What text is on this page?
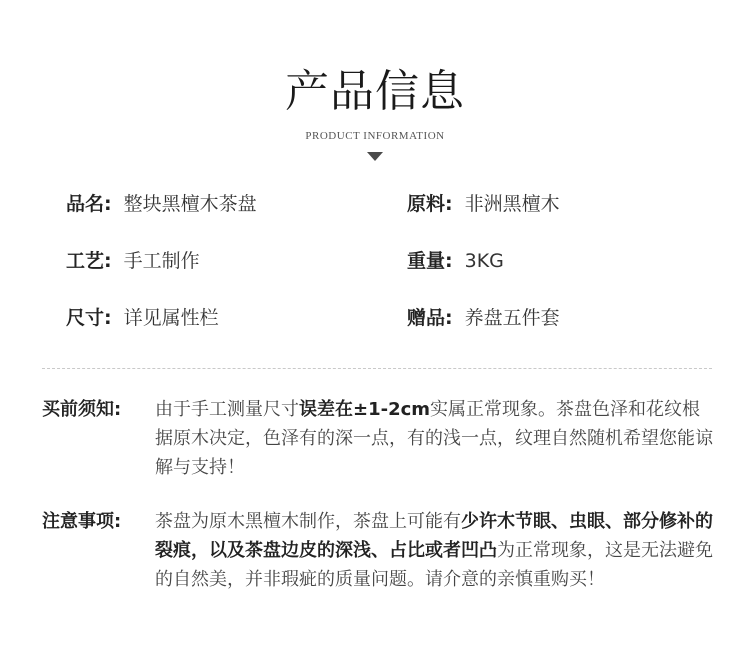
产品信息
PRODUCT INFORMATION
品名: 整块黑檀木茶盘	原料: 非洲黑檀木
工艺: 手工制作	重量: 3KG
尺寸: 详见属性栏	赠品: 养盘五件套
买前须知: 由于手工测量尺寸误差在±1-2cm实属正常现象。茶盘色泽和花纹根据原木决定，色泽有的深一点，有的浅一点，纹理自然随机希望您能谅解与支持！
注意事项: 茶盘为原木黑檀木制作，茶盘上可能有少许木节眼、虫眼、部分修补的裂痕，以及茶盘边皮的深浅、占比或者凹凸为正常现象，这是无法避免的自然美，并非瑕疵的质量问题。请介意的亲慎重购买！
